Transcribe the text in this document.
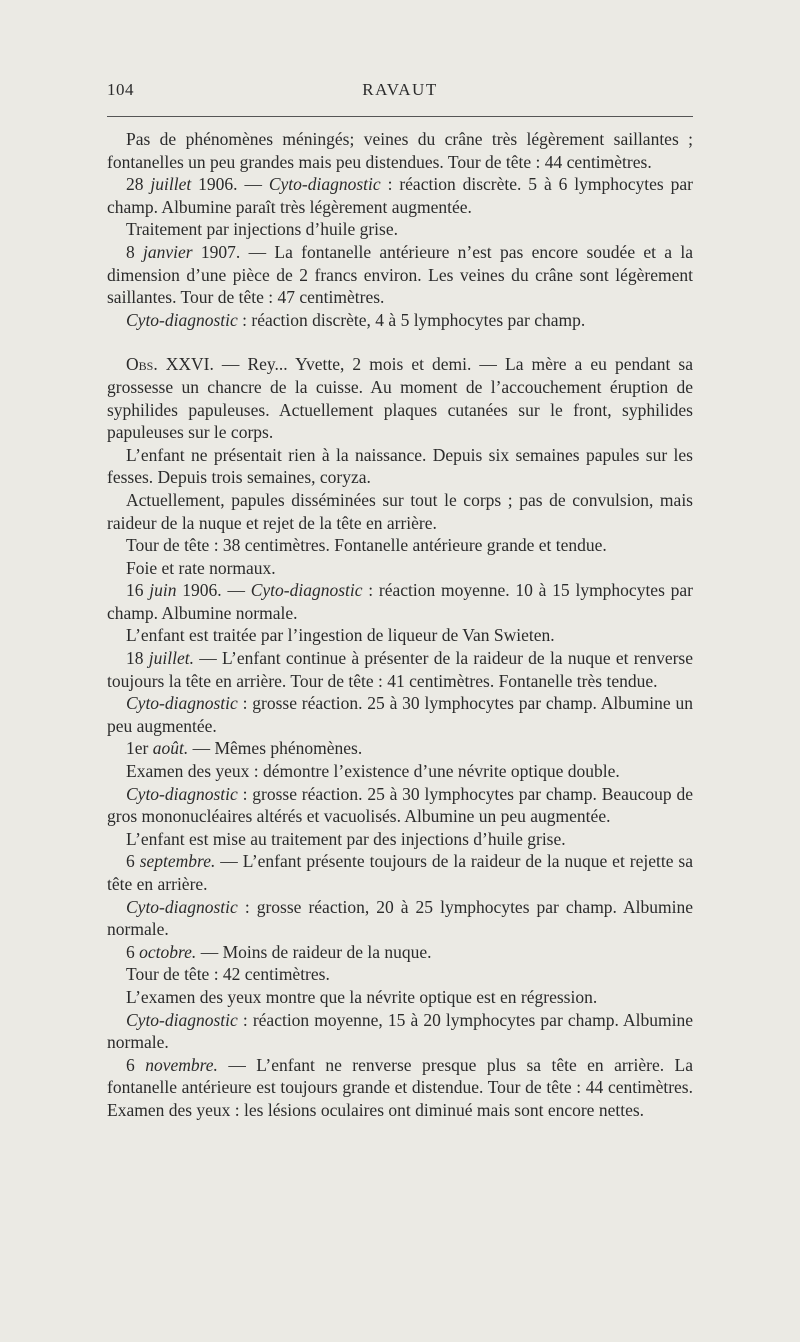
104	RAVAUT

Pas de phénomènes méningés; veines du crâne très légèrement saillantes ; fontanelles un peu grandes mais peu distendues. Tour de tête : 44 centimètres.

28 juillet 1906. — Cyto-diagnostic : réaction discrète. 5 à 6 lymphocytes par champ. Albumine paraît très légèrement augmentée.

Traitement par injections d’huile grise.

8 janvier 1907. — La fontanelle antérieure n’est pas encore soudée et a la dimension d’une pièce de 2 francs environ. Les veines du crâne sont légèrement saillantes. Tour de tête : 47 centimètres.

Cyto-diagnostic : réaction discrète, 4 à 5 lymphocytes par champ.

Obs. XXVI. — Rey... Yvette, 2 mois et demi. — La mère a eu pendant sa grossesse un chancre de la cuisse. Au moment de l’accouchement éruption de syphilides papuleuses. Actuellement plaques cutanées sur le front, syphilides papuleuses sur le corps.

L’enfant ne présentait rien à la naissance. Depuis six semaines papules sur les fesses. Depuis trois semaines, coryza.

Actuellement, papules disséminées sur tout le corps ; pas de convulsion, mais raideur de la nuque et rejet de la tête en arrière.

Tour de tête : 38 centimètres. Fontanelle antérieure grande et tendue.

Foie et rate normaux.

16 juin 1906. — Cyto-diagnostic : réaction moyenne. 10 à 15 lymphocytes par champ. Albumine normale.

L’enfant est traitée par l’ingestion de liqueur de Van Swieten.

18 juillet. — L’enfant continue à présenter de la raideur de la nuque et renverse toujours la tête en arrière. Tour de tête : 41 centimètres. Fontanelle très tendue.

Cyto-diagnostic : grosse réaction. 25 à 30 lymphocytes par champ. Albumine un peu augmentée.

1er août. — Mêmes phénomènes.

Examen des yeux : démontre l’existence d’une névrite optique double.

Cyto-diagnostic : grosse réaction. 25 à 30 lymphocytes par champ. Beaucoup de gros mononucléaires altérés et vacuolisés. Albumine un peu augmentée.

L’enfant est mise au traitement par des injections d’huile grise.

6 septembre. — L’enfant présente toujours de la raideur de la nuque et rejette sa tête en arrière.

Cyto-diagnostic : grosse réaction, 20 à 25 lymphocytes par champ. Albumine normale.

6 octobre. — Moins de raideur de la nuque.

Tour de tête : 42 centimètres.

L’examen des yeux montre que la névrite optique est en régression.

Cyto-diagnostic : réaction moyenne, 15 à 20 lymphocytes par champ. Albumine normale.

6 novembre. — L’enfant ne renverse presque plus sa tête en arrière. La fontanelle antérieure est toujours grande et distendue. Tour de tête : 44 centimètres. Examen des yeux : les lésions oculaires ont diminué mais sont encore nettes.
